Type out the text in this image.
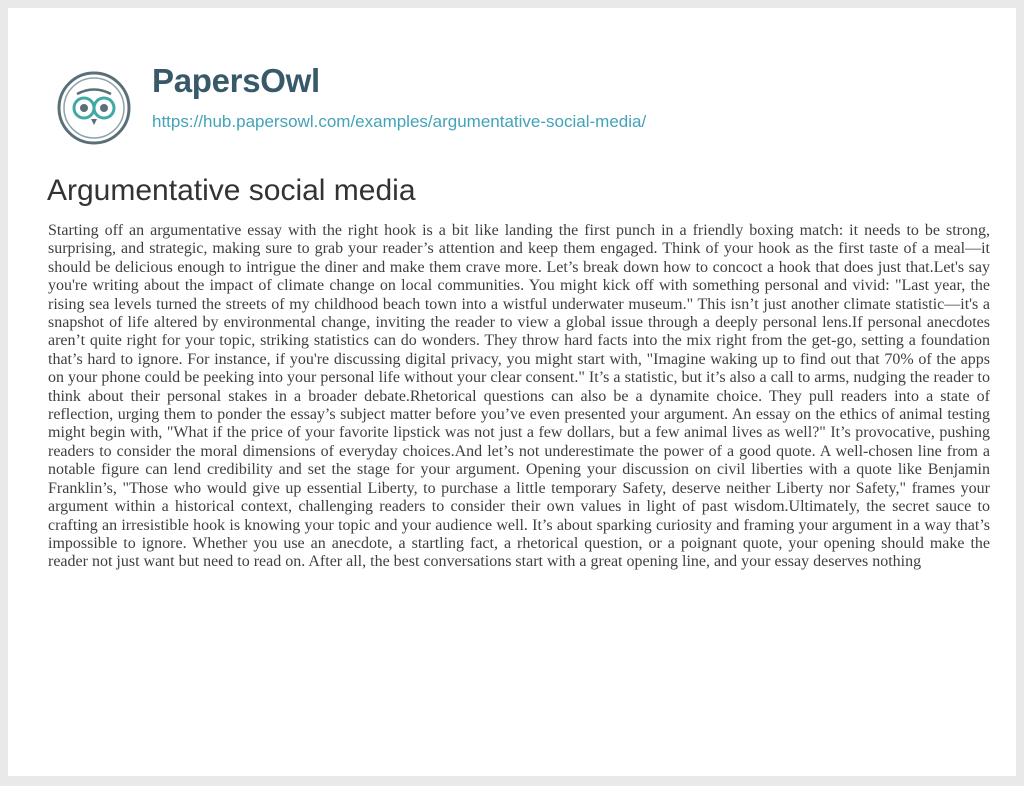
PapersOwl
https://hub.papersowl.com/examples/argumentative-social-media/
Argumentative social media

Starting off an argumentative essay with the right hook is a bit like landing the first punch in a friendly boxing match: it needs to be strong, surprising, and strategic, making sure to grab your reader’s attention and keep them engaged. Think of your hook as the first taste of a meal—it should be delicious enough to intrigue the diner and make them crave more. Let’s break down how to concoct a hook that does just that.Let's say you're writing about the impact of climate change on local communities. You might kick off with something personal and vivid: "Last year, the rising sea levels turned the streets of my childhood beach town into a wistful underwater museum." This isn’t just another climate statistic—it's a snapshot of life altered by environmental change, inviting the reader to view a global issue through a deeply personal lens.If personal anecdotes aren’t quite right for your topic, striking statistics can do wonders. They throw hard facts into the mix right from the get-go, setting a foundation that’s hard to ignore. For instance, if you're discussing digital privacy, you might start with, "Imagine waking up to find out that 70% of the apps on your phone could be peeking into your personal life without your clear consent." It’s a statistic, but it’s also a call to arms, nudging the reader to think about their personal stakes in a broader debate.Rhetorical questions can also be a dynamite choice. They pull readers into a state of reflection, urging them to ponder the essay’s subject matter before you’ve even presented your argument. An essay on the ethics of animal testing might begin with, "What if the price of your favorite lipstick was not just a few dollars, but a few animal lives as well?" It’s provocative, pushing readers to consider the moral dimensions of everyday choices.And let’s not underestimate the power of a good quote. A well-chosen line from a notable figure can lend credibility and set the stage for your argument. Opening your discussion on civil liberties with a quote like Benjamin Franklin’s, "Those who would give up essential Liberty, to purchase a little temporary Safety, deserve neither Liberty nor Safety," frames your argument within a historical context, challenging readers to consider their own values in light of past wisdom.Ultimately, the secret sauce to crafting an irresistible hook is knowing your topic and your audience well. It’s about sparking curiosity and framing your argument in a way that’s impossible to ignore. Whether you use an anecdote, a startling fact, a rhetorical question, or a poignant quote, your opening should make the reader not just want but need to read on. After all, the best conversations start with a great opening line, and your essay deserves nothing
